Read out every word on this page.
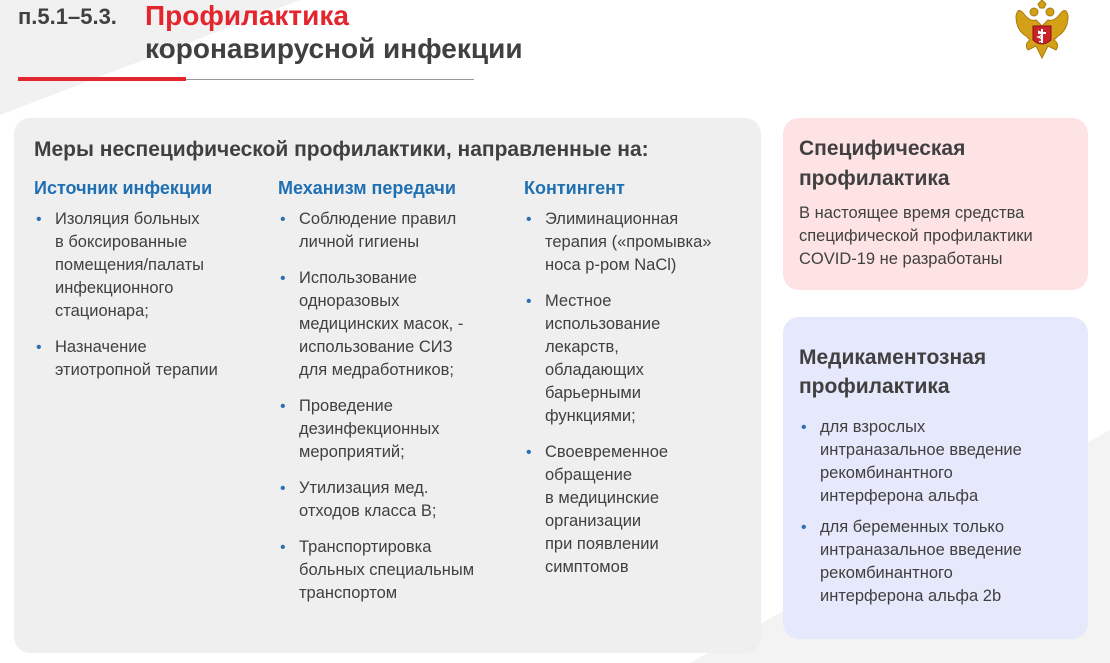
п.5.1–5.3. Профилактика
коронавирусной инфекции
Меры неспецифической профилактики, направленные на:
Источник инфекции
• Изоляция больных
в боксированные
помещения/палаты
инфекционного
стационара;
• Назначение
этиотропной терапии
Механизм передачи
• Соблюдение правил
личной гигиены
• Использование
одноразовых
медицинских масок, -
использование СИЗ
для медработников;
• Проведение
дезинфекционных
мероприятий;
• Утилизация мед.
отходов класса В;
• Транспортировка
больных специальным
транспортом
Контингент
• Элиминационная
терапия («промывка»
носа р-ром NaCl)
• Местное
использование
лекарств,
обладающих
барьерными
функциями;
• Своевременное
обращение
в медицинские
организации
при появлении
симптомов
Специфическая
профилактика
В настоящее время средства
специфической профилактики
COVID-19 не разработаны
Медикаментозная
профилактика
• для взрослых
интраназальное введение
рекомбинантного
интерферона альфа
• для беременных только
интраназальное введение
рекомбинантного
интерферона альфа 2b
